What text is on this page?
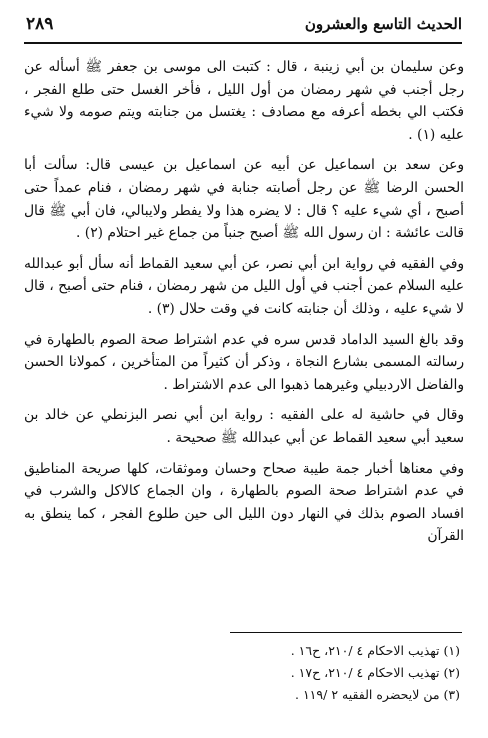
الحديث التاسع والعشرون
٢٨٩

وعن سليمان بن أبي زينبة ، قال : كتبت الى موسى بن جعفر ﷺ أسأله عن رجل أجنب في شهر رمضان من أول الليل ، فأخر الغسل حتى طلع الفجر ، فكتب الي بخطه أعرفه مع مصادف : يغتسل من جنابته ويتم صومه ولا شيء عليه (١) .

وعن سعد بن اسماعيل عن أبيه عن اسماعيل بن عيسى قال: سألت أبا الحسن الرضا ﷺ عن رجل أصابته جنابة في شهر رمضان ، فنام عمداً حتى أصبح ، أي شيء عليه ؟ قال : لا يضره هذا ولا يفطر ولايبالي، فان أبي ﷺ قال قالت عائشة : ان رسول الله ﷺ أصبح جنباً من جماع غير احتلام (٢) .

وفي الفقيه في رواية ابن أبي نصر، عن أبي سعيد القماط أنه سأل أبو عبدالله عليه السلام عمن أجنب في أول الليل من شهر رمضان ، فنام حتى أصبح ، قال لا شيء عليه ، وذلك أن جنابته كانت في وقت حلال (٣) .

وقد بالغ السيد الداماد قدس سره في عدم اشتراط صحة الصوم بالطهارة في رسالته المسمى بشارع النجاة ، وذكر أن كثيراً من المتأخرين ، كمولانا الحسن والفاضل الاردبيلي وغيرهما ذهبوا الى عدم الاشتراط .

وقال في حاشية له على الفقيه : رواية ابن أبي نصر البزنطي عن خالد بن سعيد أبي سعيد القماط عن أبي عبدالله ﷺ صحيحة .

وفي معناها أخبار جمة طيبة صحاح وحسان وموثقات، كلها صريحة المناطيق في عدم اشتراط صحة الصوم بالطهارة ، وان الجماع كالاكل والشرب في افساد الصوم بذلك في النهار دون الليل الى حين طلوع الفجر ، كما ينطق به القرآن

(١) تهذيب الاحكام ٤ /٢١٠، ح١٦ .
(٢) تهذيب الاحكام ٤ /٢١٠، ح١٧ .
(٣) من لايحضره الفقيه ٢ /١١٩ .
